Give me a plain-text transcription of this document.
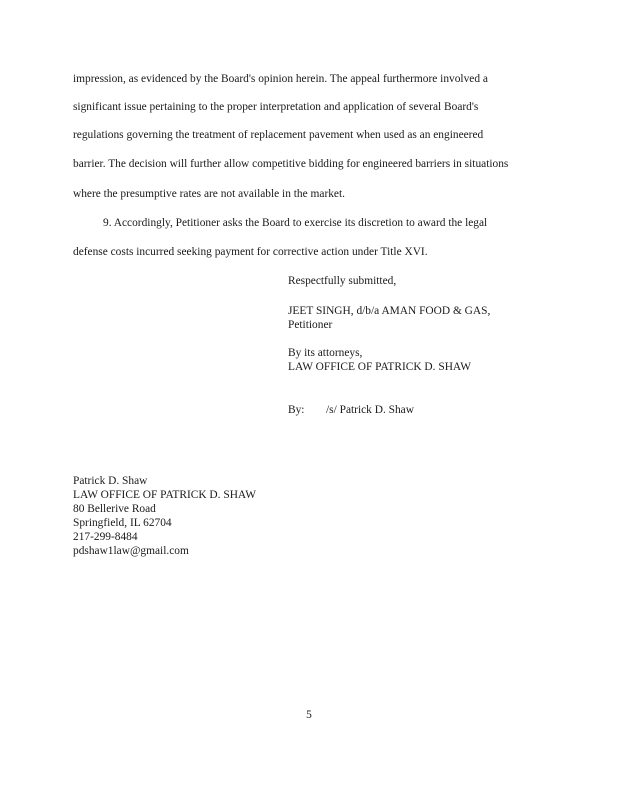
impression, as evidenced by the Board's opinion herein. The appeal furthermore involved a
significant issue pertaining to the proper interpretation and application of several Board's
regulations governing the treatment of replacement pavement when used as an engineered
barrier. The decision will further allow competitive bidding for engineered barriers in situations
where the presumptive rates are not available in the market.
9. Accordingly, Petitioner asks the Board to exercise its discretion to award the legal
defense costs incurred seeking payment for corrective action under Title XVI.
Respectfully submitted,
JEET SINGH, d/b/a AMAN FOOD & GAS,
Petitioner
By its attorneys,
LAW OFFICE OF PATRICK D. SHAW
By: /s/ Patrick D. Shaw
Patrick D. Shaw
LAW OFFICE OF PATRICK D. SHAW
80 Bellerive Road
Springfield, IL 62704
217-299-8484
pdshaw1law@gmail.com
5
